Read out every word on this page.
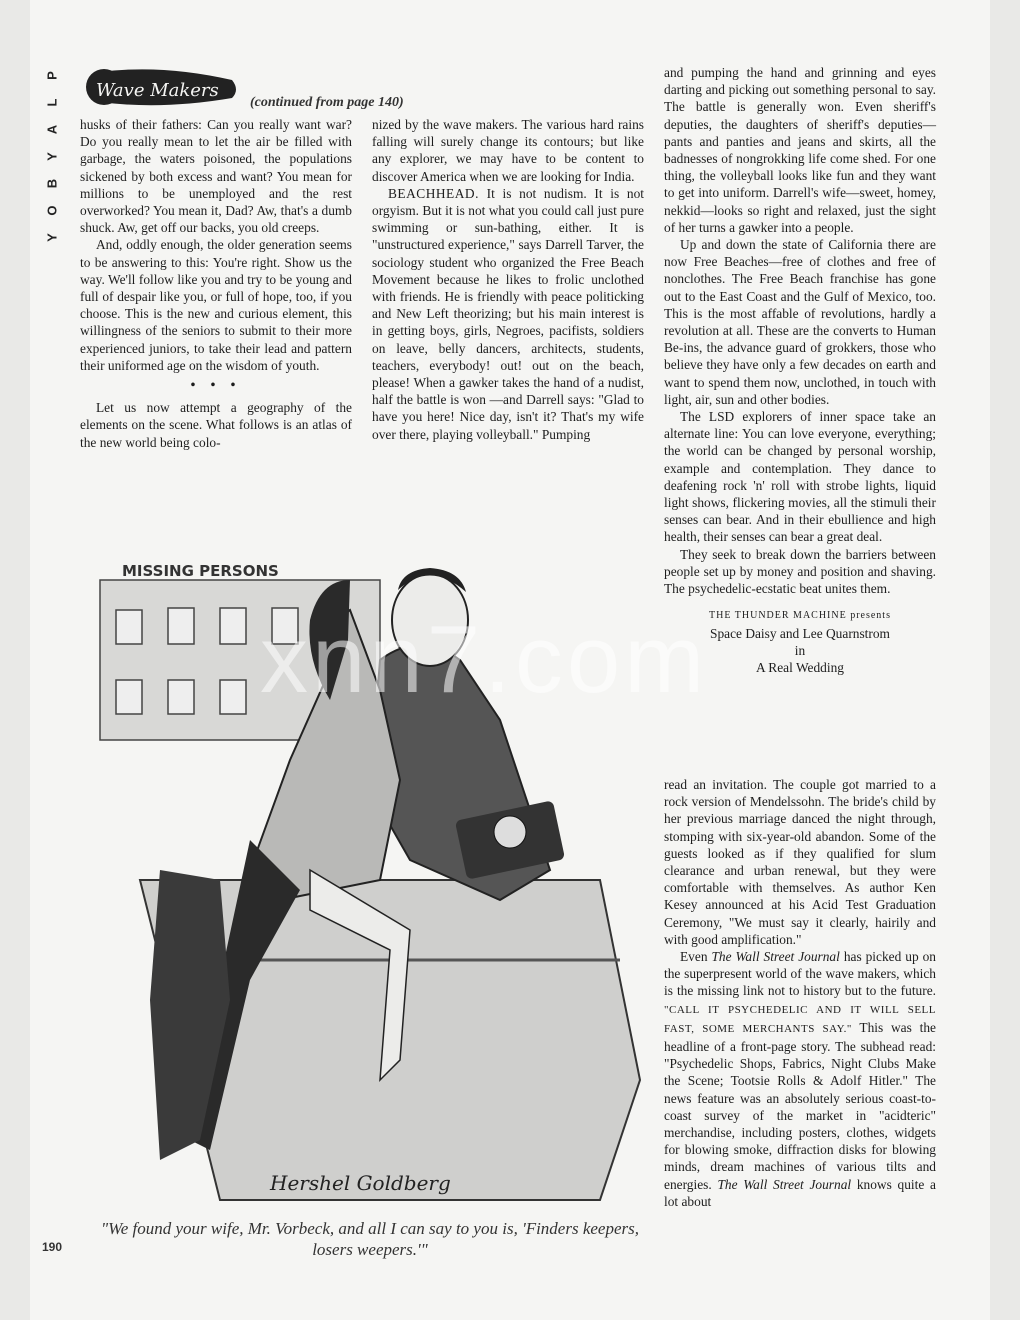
P
L
A
Y
B
O
Y
Wave Makers
(continued from page 140)

husks of their fathers: Can you really want war? Do you really mean to let the air be filled with garbage, the waters poisoned, the populations sickened by both excess and want? You mean for millions to be unemployed and the rest overworked? You mean it, Dad? Aw, that's a dumb shuck. Aw, get off our backs, you old creeps.

And, oddly enough, the older generation seems to be answering to this: You're right. Show us the way. We'll follow like you and try to be young and full of despair like you, or full of hope, too, if you choose. This is the new and curious element, this willingness of the seniors to submit to their more experienced juniors, to take their lead and pattern their uniformed age on the wisdom of youth.

• • •

Let us now attempt a geography of the elements on the scene. What follows is an atlas of the new world being colo-

nized by the wave makers. The various hard rains falling will surely change its contours; but like any explorer, we may have to be content to discover America when we are looking for India.

BEACHHEAD. It is not nudism. It is not orgyism. But it is not what you could call just pure swimming or sun-bathing, either. It is "unstructured experience," says Darrell Tarver, the sociology student who organized the Free Beach Movement because he likes to frolic unclothed with friends. He is friendly with peace politicking and New Left theorizing; but his main interest is in getting boys, girls, Negroes, pacifists, soldiers on leave, belly dancers, architects, students, teachers, everybody! out! out on the beach, please! When a gawker takes the hand of a nudist, half the battle is won —and Darrell says: "Glad to have you here! Nice day, isn't it? That's my wife over there, playing volleyball." Pumping

and pumping the hand and grinning and eyes darting and picking out something personal to say. The battle is generally won. Even sheriff's deputies, the daughters of sheriff's deputies—pants and panties and jeans and skirts, all the badnesses of nongrokking life come shed. For one thing, the volleyball looks like fun and they want to get into uniform. Darrell's wife—sweet, homey, nekkid—looks so right and relaxed, just the sight of her turns a gawker into a people.

Up and down the state of California there are now Free Beaches—free of clothes and free of nonclothes. The Free Beach franchise has gone out to the East Coast and the Gulf of Mexico, too. This is the most affable of revolutions, hardly a revolution at all. These are the converts to Human Be-ins, the advance guard of grokkers, those who believe they have only a few decades on earth and want to spend them now, unclothed, in touch with light, air, sun and other bodies.

The LSD explorers of inner space take an alternate line: You can love everyone, everything; the world can be changed by personal worship, example and contemplation. They dance to deafening rock 'n' roll with strobe lights, liquid light shows, flickering movies, all the stimuli their senses can bear. And in their ebullience and high health, their senses can bear a great deal.

They seek to break down the barriers between people set up by money and position and shaving. The psychedelic-ecstatic beat unites them.

THE THUNDER MACHINE presents
Space Daisy and Lee Quarnstrom
in
A Real Wedding

read an invitation. The couple got married to a rock version of Mendelssohn. The bride's child by her previous marriage danced the night through, stomping with six-year-old abandon. Some of the guests looked as if they qualified for slum clearance and urban renewal, but they were comfortable with themselves. As author Ken Kesey announced at his Acid Test Graduation Ceremony, "We must say it clearly, hairily and with good amplification."

Even The Wall Street Journal has picked up on the superpresent world of the wave makers, which is the missing link not to history but to the future. "CALL IT PSYCHEDELIC AND IT WILL SELL FAST, SOME MERCHANTS SAY." This was the headline of a front-page story. The subhead read: "Psychedelic Shops, Fabrics, Night Clubs Make the Scene; Tootsie Rolls & Adolf Hitler." The news feature was an absolutely serious coast-to-coast survey of the market in "acidteric" merchandise, including posters, clothes, widgets for blowing smoke, diffraction disks for blowing minds, dream machines of various tilts and energies. The Wall Street Journal knows quite a lot about

MISSING PERSONS
Hershel Goldberg
"We found your wife, Mr. Vorbeck, and all I can say to you is, 'Finders keepers, losers weepers.'"
190
xnn7.com
